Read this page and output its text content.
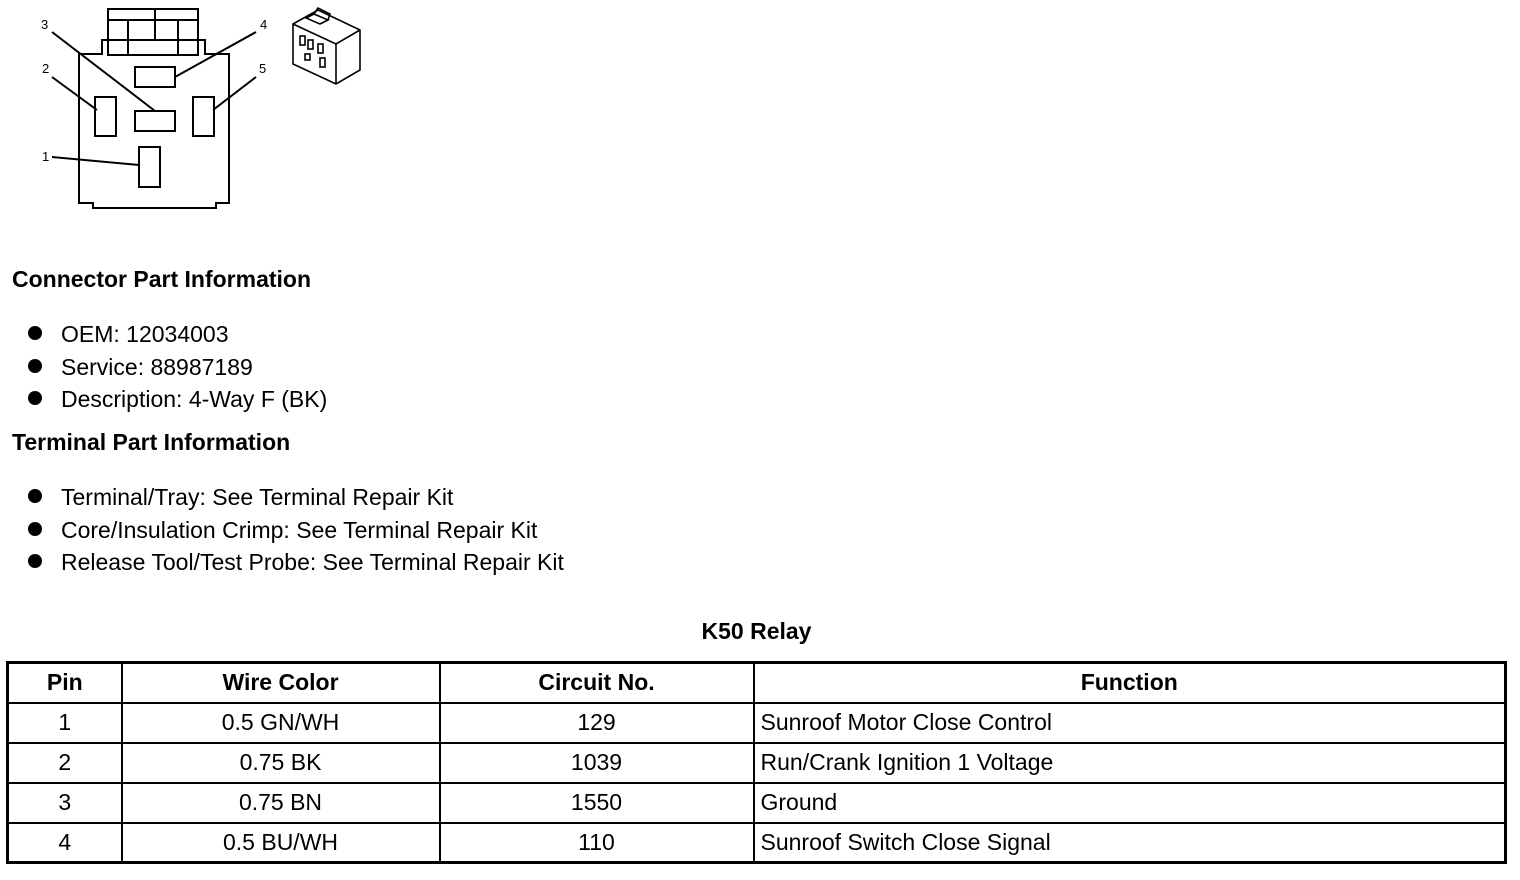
1
2
3	4
5
Connector Part Information
OEM: 12034003
Service: 88987189
Description: 4-Way F (BK)
Terminal Part Information
Terminal/Tray: See Terminal Repair Kit
Core/Insulation Crimp: See Terminal Repair Kit
Release Tool/Test Probe: See Terminal Repair Kit
K50 Relay
Pin	Wire Color	Circuit No.	Function
1	0.5 GN/WH	129	Sunroof Motor Close Control
2	0.75 BK	1039	Run/Crank Ignition 1 Voltage
3	0.75 BN	1550	Ground
4	0.5 BU/WH	110	Sunroof Switch Close Signal
